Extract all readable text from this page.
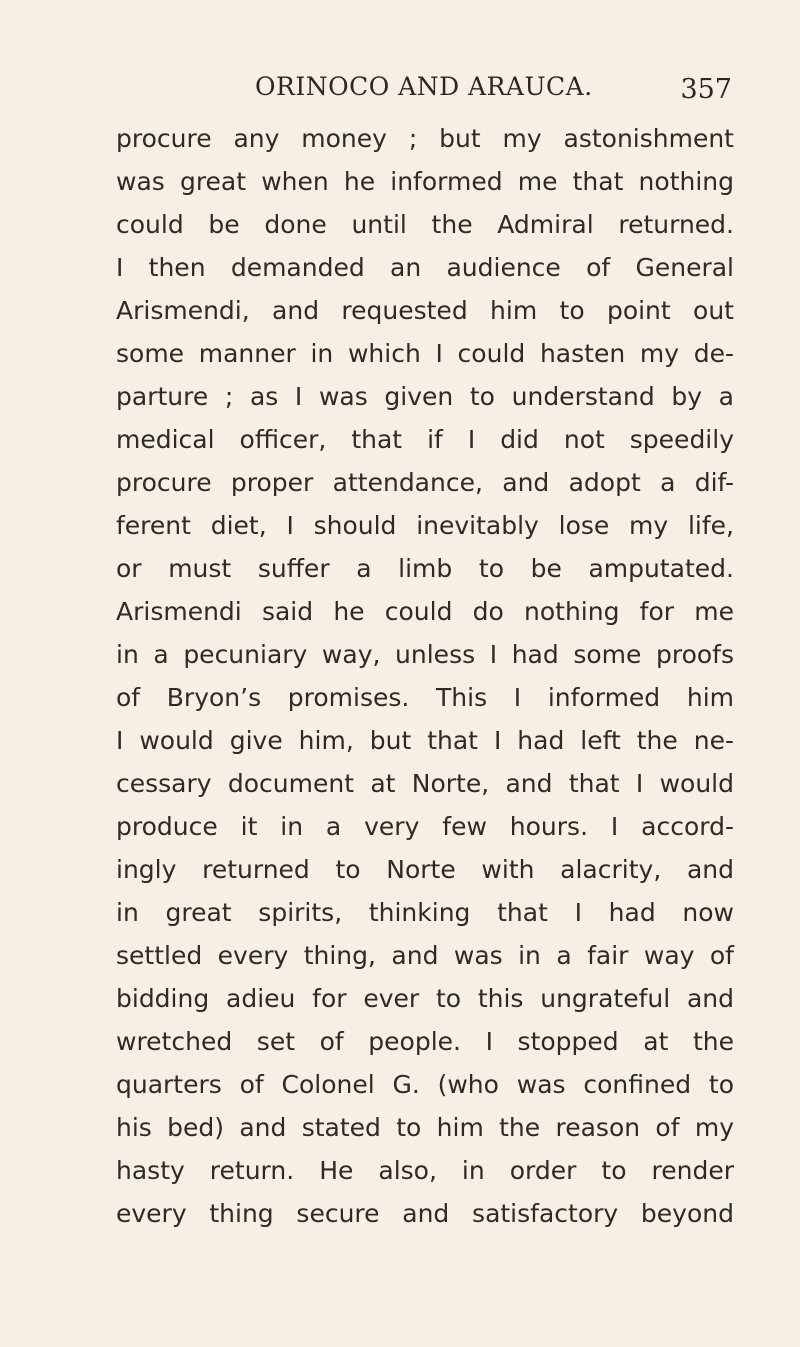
ORINOCO AND ARAUCA.	357
procure any money ; but my astonishment
was great when he informed me that nothing
could be done until the Admiral returned.
I then demanded an audience of General
Arismendi, and requested him to point out
some manner in which I could hasten my de-
parture ; as I was given to understand by a
medical officer, that if I did not speedily
procure proper attendance, and adopt a dif-
ferent diet, I should inevitably lose my life,
or must suffer a limb to be amputated.
Arismendi said he could do nothing for me
in a pecuniary way, unless I had some proofs
of Bryon’s promises. This I informed him
I would give him, but that I had left the ne-
cessary document at Norte, and that I would
produce it in a very few hours. I accord-
ingly returned to Norte with alacrity, and
in great spirits, thinking that I had now
settled every thing, and was in a fair way of
bidding adieu for ever to this ungrateful and
wretched set of people. I stopped at the
quarters of Colonel G. (who was confined to
his bed) and stated to him the reason of my
hasty return. He also, in order to render
every thing secure and satisfactory beyond
